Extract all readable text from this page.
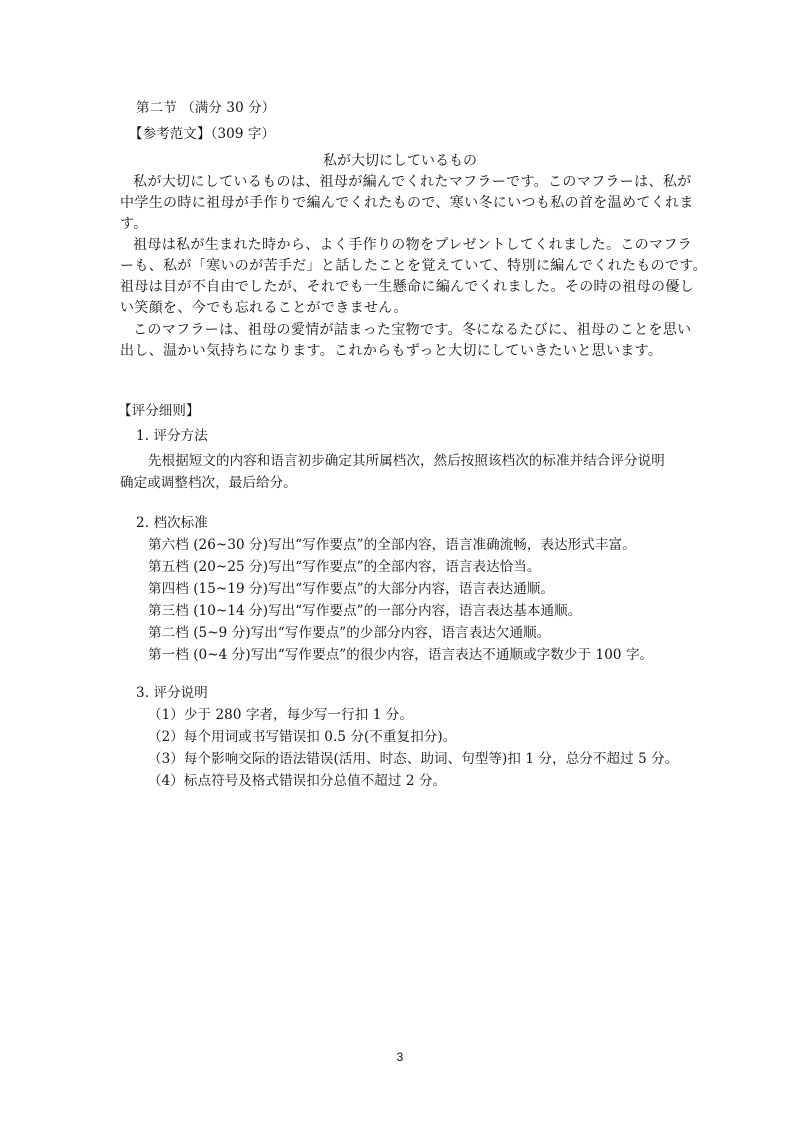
第二节 （满分 30 分）
【参考范文】（309 字）
私が大切にしているもの
私が大切にしているものは、祖母が編んでくれたマフラーです。このマフラーは、私が
中学生の時に祖母が手作りで編んでくれたもので、寒い冬にいつも私の首を温めてくれま
す。
祖母は私が生まれた時から、よく手作りの物をプレゼントしてくれました。このマフラ
ーも、私が「寒いのが苦手だ」と話したことを覚えていて、特別に編んでくれたものです。
祖母は目が不自由でしたが、それでも一生懸命に編んでくれました。その時の祖母の優し
い笑顔を、今でも忘れることができません。
このマフラーは、祖母の愛情が詰まった宝物です。冬になるたびに、祖母のことを思い
出し、温かい気持ちになります。これからもずっと大切にしていきたいと思います。
【评分细则】
1. 评分方法
先根据短文的内容和语言初步确定其所属档次，然后按照该档次的标准并结合评分说明
确定或调整档次，最后给分。
2. 档次标准
第六档 (26~30 分)写出“写作要点”的全部内容，语言准确流畅，表达形式丰富。
第五档 (20~25 分)写出“写作要点”的全部内容，语言表达恰当。
第四档 (15~19 分)写出“写作要点”的大部分内容，语言表达通顺。
第三档 (10~14 分)写出“写作要点”的一部分内容，语言表达基本通顺。
第二档 (5~9 分)写出“写作要点”的少部分内容，语言表达欠通顺。
第一档 (0~4 分)写出“写作要点”的很少内容，语言表达不通顺或字数少于 100 字。
3. 评分说明
（1）少于 280 字者，每少写一行扣 1 分。
（2）每个用词或书写错误扣 0.5 分(不重复扣分)。
（3）每个影响交际的语法错误(活用、时态、助词、句型等)扣 1 分，总分不超过 5 分。
（4）标点符号及格式错误扣分总值不超过 2 分。
3
